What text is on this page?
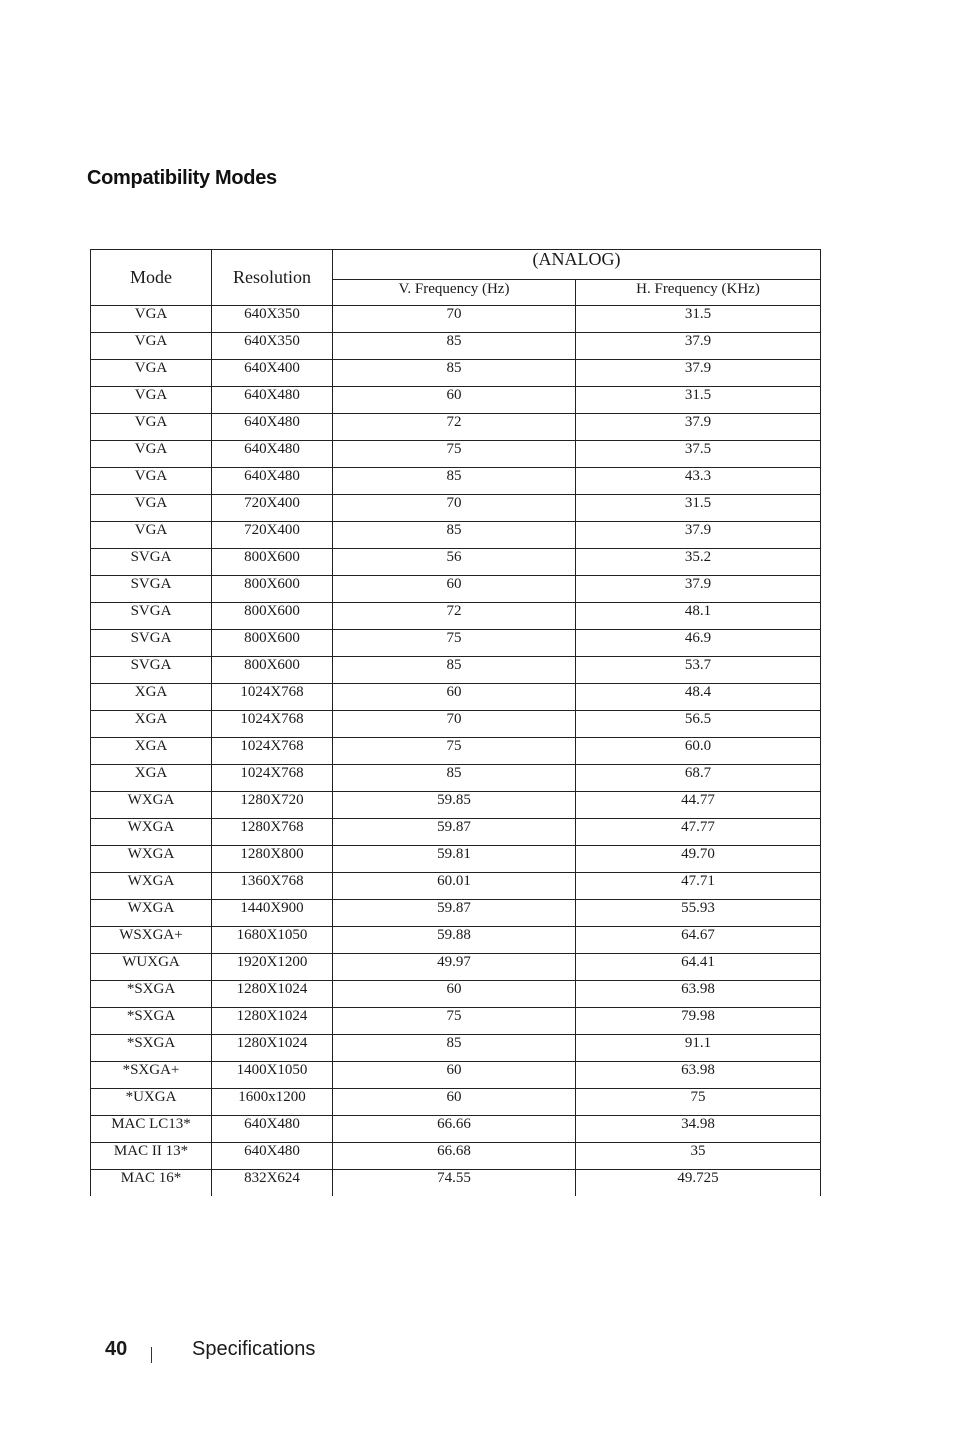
Compatibility Modes
Mode	Resolution	(ANALOG)	
		V. Frequency (Hz)	H. Frequency (KHz)
VGA	640X350	70	31.5
VGA	640X350	85	37.9
VGA	640X400	85	37.9
VGA	640X480	60	31.5
VGA	640X480	72	37.9
VGA	640X480	75	37.5
VGA	640X480	85	43.3
VGA	720X400	70	31.5
VGA	720X400	85	37.9
SVGA	800X600	56	35.2
SVGA	800X600	60	37.9
SVGA	800X600	72	48.1
SVGA	800X600	75	46.9
SVGA	800X600	85	53.7
XGA	1024X768	60	48.4
XGA	1024X768	70	56.5
XGA	1024X768	75	60.0
XGA	1024X768	85	68.7
WXGA	1280X720	59.85	44.77
WXGA	1280X768	59.87	47.77
WXGA	1280X800	59.81	49.70
WXGA	1360X768	60.01	47.71
WXGA	1440X900	59.87	55.93
WSXGA+	1680X1050	59.88	64.67
WUXGA	1920X1200	49.97	64.41
*SXGA	1280X1024	60	63.98
*SXGA	1280X1024	75	79.98
*SXGA	1280X1024	85	91.1
*SXGA+	1400X1050	60	63.98
*UXGA	1600x1200	60	75
MAC LC13*	640X480	66.66	34.98
MAC II 13*	640X480	66.68	35
MAC 16*	832X624	74.55	49.725
40	Specifications
